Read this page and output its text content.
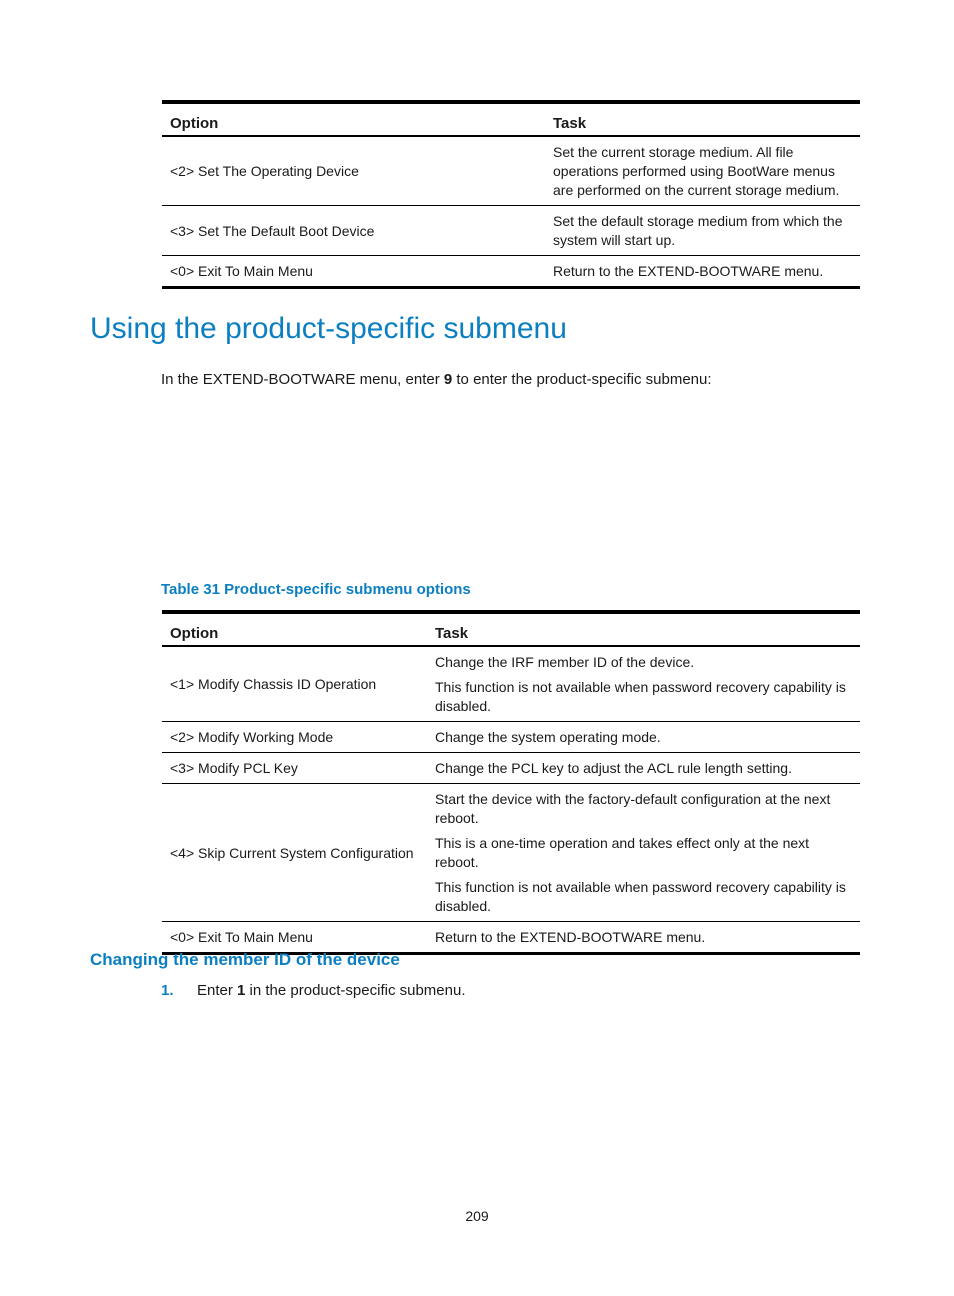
Option	Task
<2> Set The Operating Device	Set the current storage medium. All file operations performed using BootWare menus are performed on the current storage medium.

<3> Set The Default Boot Device	Set the default storage medium from which the system will start up.

<0> Exit To Main Menu	Return to the EXTEND-BOOTWARE menu.

Using the product-specific submenu
In the EXTEND-BOOTWARE menu, enter 9 to enter the product-specific submenu:
Table 31 Product-specific submenu options
Option	Task
<1> Modify Chassis ID Operation	Change the IRF member ID of the device.

This function is not available when password recovery capability is disabled.

<2> Modify Working Mode	Change the system operating mode.

<3> Modify PCL Key	Change the PCL key to adjust the ACL rule length setting.

<4> Skip Current System Configuration	Start the device with the factory-default configuration at the next reboot.

This is a one-time operation and takes effect only at the next reboot.

This function is not available when password recovery capability is disabled.

<0> Exit To Main Menu	Return to the EXTEND-BOOTWARE menu.

Changing the member ID of the device
1. Enter 1 in the product-specific submenu.
209
